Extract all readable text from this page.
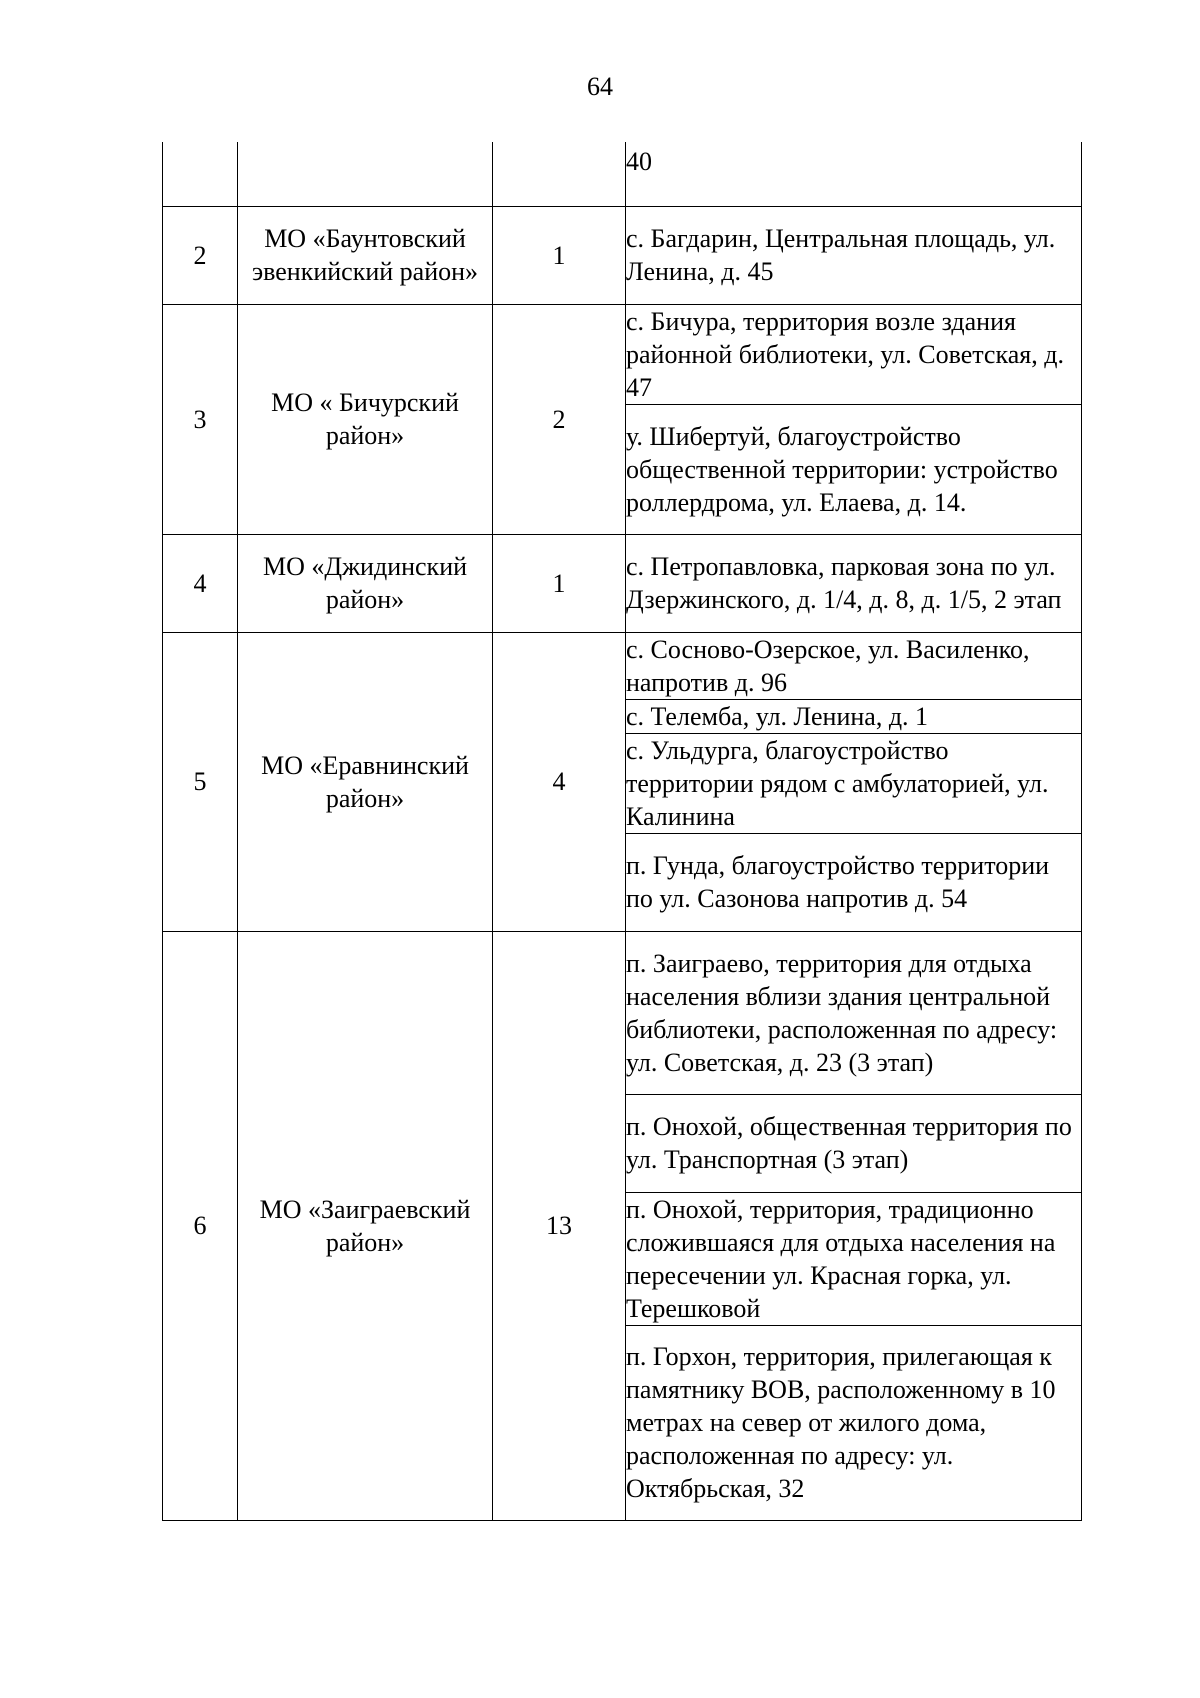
64

			40

2	МО «Баунтовский эвенкийский район»	1	с. Багдарин, Центральная площадь, ул. Ленина, д. 45
3	МО « Бичурский район»	2	с. Бичура, территория возле здания районной библиотеки, ул. Советская, д. 47
			у. Шибертуй, благоустройство общественной территории: устройство роллердрома, ул. Елаева, д. 14.
4	МО «Джидинский район»	1	с. Петропавловка, парковая зона по ул. Дзержинского, д. 1/4, д. 8, д. 1/5, 2 этап
5	МО «Еравнинский район»	4	с. Сосново-Озерское, ул. Василенко, напротив д. 96
			с. Телемба, ул. Ленина, д. 1
			с. Ульдурга, благоустройство территории рядом с амбулаторией, ул. Калинина
			п. Гунда, благоустройство территории по ул. Сазонова напротив д. 54
6	МО «Заиграевский район»	13	п. Заиграево, территория для отдыха населения вблизи здания центральной библиотеки, расположенная по адресу: ул. Советская, д. 23 (3 этап)
			п. Онохой, общественная территория по ул. Транспортная (3 этап)
			п. Онохой, территория, традиционно сложившаяся для отдыха населения на пересечении ул. Красная горка, ул. Терешковой
			п. Горхон, территория, прилегающая к памятнику ВОВ, расположенному в 10 метрах на север от жилого дома, расположенная по адресу: ул. Октябрьская, 32
